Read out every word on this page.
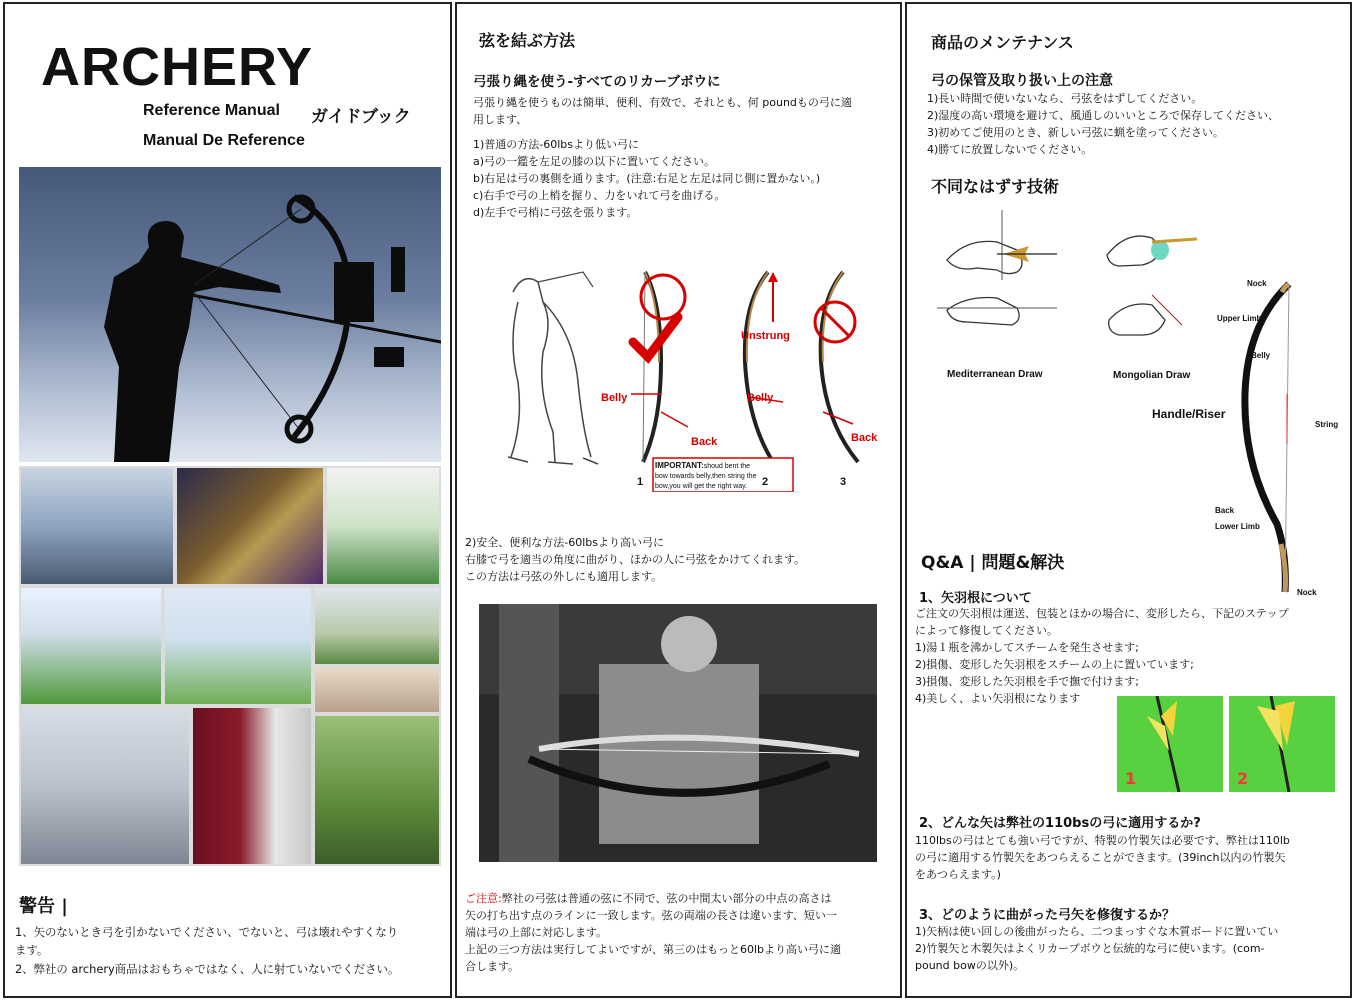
ARCHERY
Reference Manual ガイドブック
Manual De Reference
警告 |
1、矢のないとき弓を引かないでください、でないと、弓は壊れやすくなり
ます。
2、弊社の archery商品はおもちゃではなく、人に射ていないでください。
弦を結ぶ方法
弓張り縄を使う-すべてのリカーブボウに
弓張り縄を使うものは簡単、便利、有效で、それとも、何 poundもの弓に適
用します、
1)普通の方法-60lbsより低い弓に
a)弓の一鑑を左足の膝の以下に置いてください。
b)右足は弓の裏側を通ります。(注意:右足と左足は同じ側に置かない。)
c)右手で弓の上梢を握り、力をいれて弓を曲げる。
d)左手で弓梢に弓弦を張ります。
Belly
Back
Unstrung
Belly
Back
1	2	3
IMPORTANT:shoud bent the
bow towards belly,then string the
bow,you will get the right way.
2)安全、便利な方法-60lbsより高い弓に
右膝で弓を適当の角度に曲がり、ほかの人に弓弦をかけてくれます。
この方法は弓弦の外しにも適用します。
ご注意:弊社の弓弦は普通の弦に不同で、弦の中間太い部分の中点の高さは
矢の打ち出す点のラインに一致します。弦の両端の長さは違います、短い一
端は弓の上部に対応します。
上記の三つ方法は実行してよいですが、第三のはもっと60lbより高い弓に適
合します。
商品のメンテナンス
弓の保管及取り扱い上の注意
1)長い時間で使いないなら、弓弦をはずしてください。
2)湿度の高い環境を避けて、風通しのいいところで保存してください、
3)初めてご使用のとき、新しい弓弦に蝋を塗ってください。
4)勝てに放置しないでください。
不同なはずす技術
Mediterranean Draw	Mongolian Draw
Nock
Upper Limb
Belly
Handle/Riser
String
Back
Lower Limb
Nock
Q&A | 問題&解決
1、矢羽根について
ご注文の矢羽根は運送、包装とほかの場合に、変形したら、下記のステップ
によって修復してください。
1)湯１瓶を沸かしてスチームを発生させます;
2)損傷、変形した矢羽根をスチームの上に置いています;
3)損傷、変形した矢羽根を手で撫で付けます;
4)美しく、よい矢羽根になります
1	2
2、どんな矢は弊社の110bsの弓に適用するか?
110lbsの弓はとても強い弓ですが、特製の竹製矢は必要です、弊社は110lb
の弓に適用する竹製矢をあつらえることができます。(39inch以内の竹製矢
をあつらえます。)
3、どのように曲がった弓矢を修復するか？
1)矢柄は使い回しの後曲がったら、二つまっすぐな木質ボードに置いてい
2)竹製矢と木製矢はよくリカーブボウと伝統的な弓に使います。(com-
pound bowの以外)。
